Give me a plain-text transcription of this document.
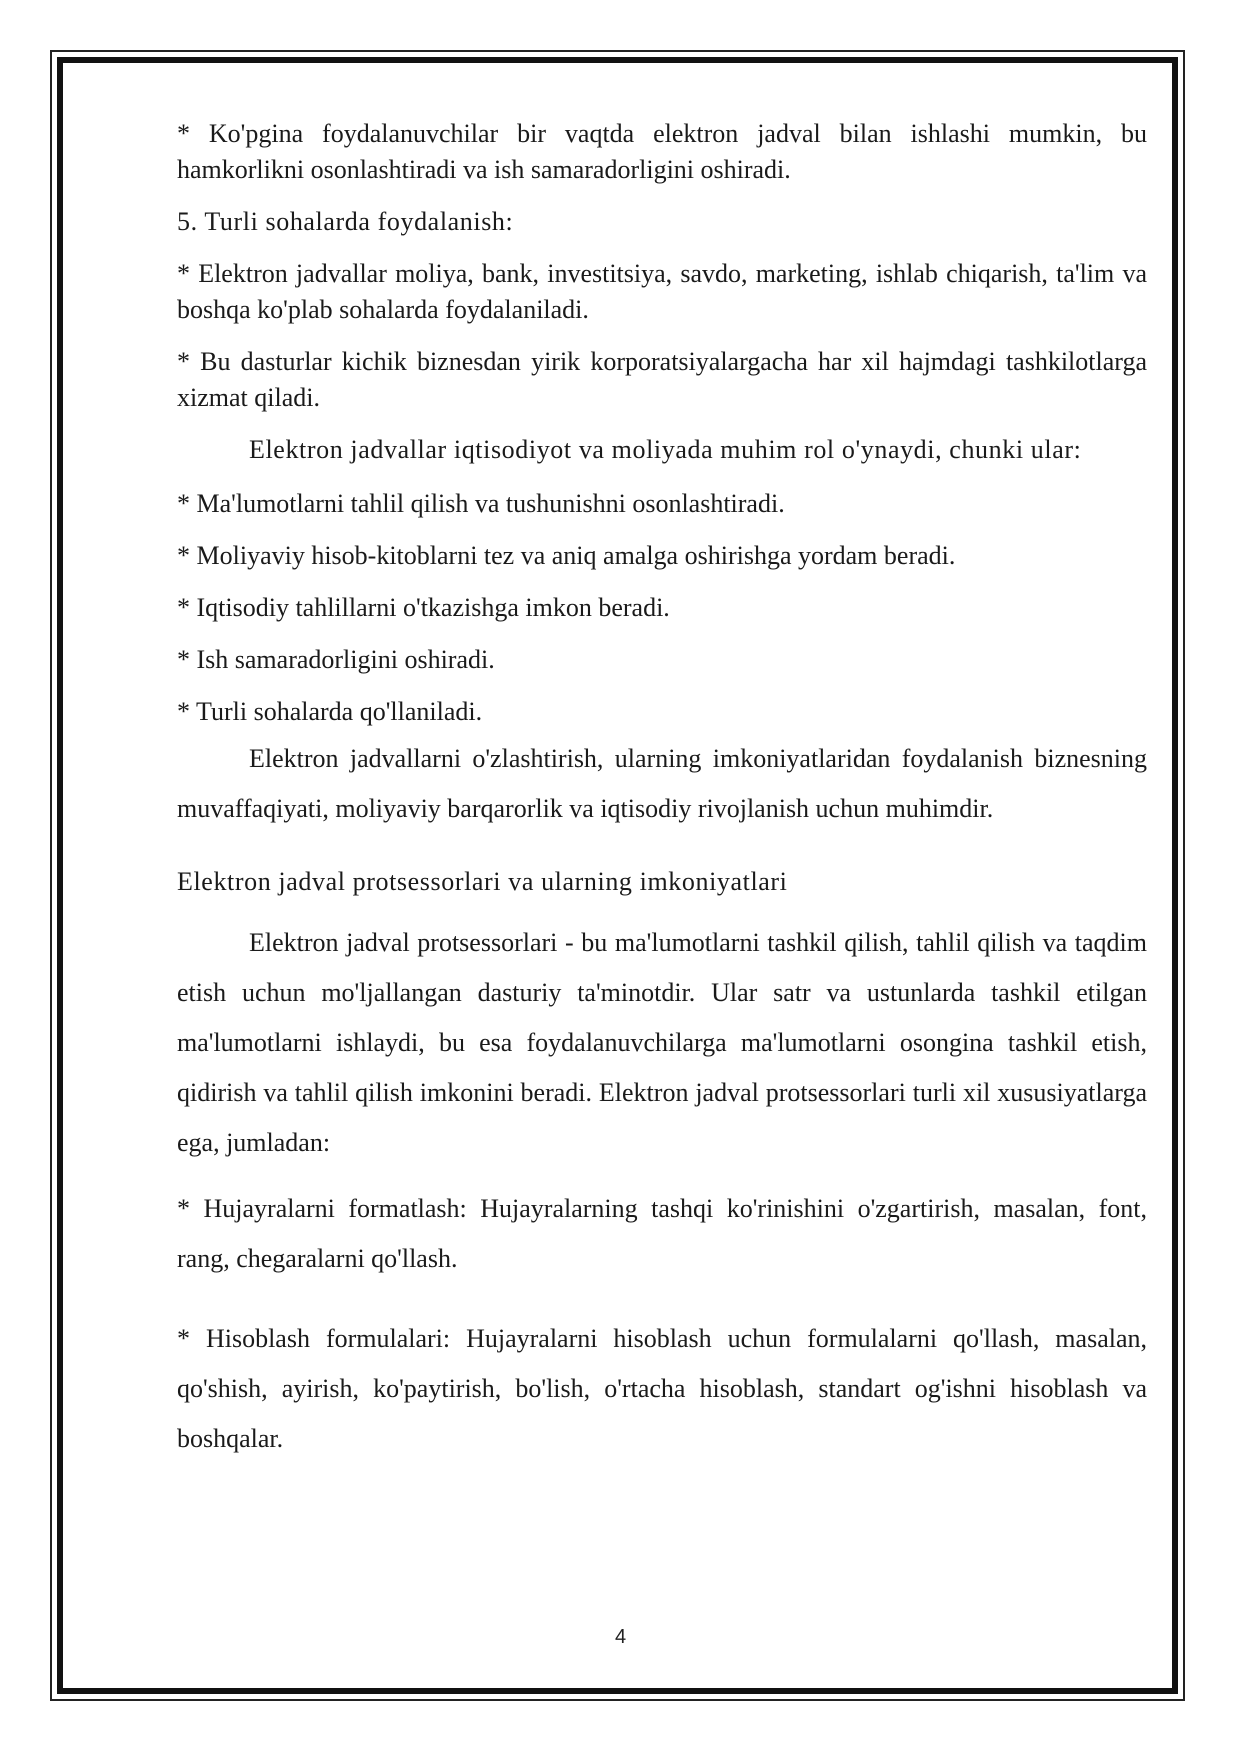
* Ko'pgina foydalanuvchilar bir vaqtda elektron jadval bilan ishlashi mumkin, bu hamkorlikni osonlashtiradi va ish samaradorligini oshiradi.

5. Turli sohalarda foydalanish:

* Elektron jadvallar moliya, bank, investitsiya, savdo, marketing, ishlab chiqarish, ta'lim va boshqa ko'plab sohalarda foydalaniladi.

* Bu dasturlar kichik biznesdan yirik korporatsiyalargacha har xil hajmdagi tashkilotlarga xizmat qiladi.

Elektron jadvallar iqtisodiyot va moliyada muhim rol o'ynaydi, chunki ular:

* Ma'lumotlarni tahlil qilish va tushunishni osonlashtiradi.

* Moliyaviy hisob-kitoblarni tez va aniq amalga oshirishga yordam beradi.

* Iqtisodiy tahlillarni o'tkazishga imkon beradi.

* Ish samaradorligini oshiradi.

* Turli sohalarda qo'llaniladi.

Elektron jadvallarni o'zlashtirish, ularning imkoniyatlaridan foydalanish biznesning muvaffaqiyati, moliyaviy barqarorlik va iqtisodiy rivojlanish uchun muhimdir.

Elektron jadval protsessorlari va ularning imkoniyatlari

Elektron jadval protsessorlari - bu ma'lumotlarni tashkil qilish, tahlil qilish va taqdim etish uchun mo'ljallangan dasturiy ta'minotdir. Ular satr va ustunlarda tashkil etilgan ma'lumotlarni ishlaydi, bu esa foydalanuvchilarga ma'lumotlarni osongina tashkil etish, qidirish va tahlil qilish imkonini beradi. Elektron jadval protsessorlari turli xil xususiyatlarga ega, jumladan:

* Hujayralarni formatlash: Hujayralarning tashqi ko'rinishini o'zgartirish, masalan, font, rang, chegaralarni qo'llash.

* Hisoblash formulalari: Hujayralarni hisoblash uchun formulalarni qo'llash, masalan, qo'shish, ayirish, ko'paytirish, bo'lish, o'rtacha hisoblash, standart og'ishni hisoblash va boshqalar.

4
